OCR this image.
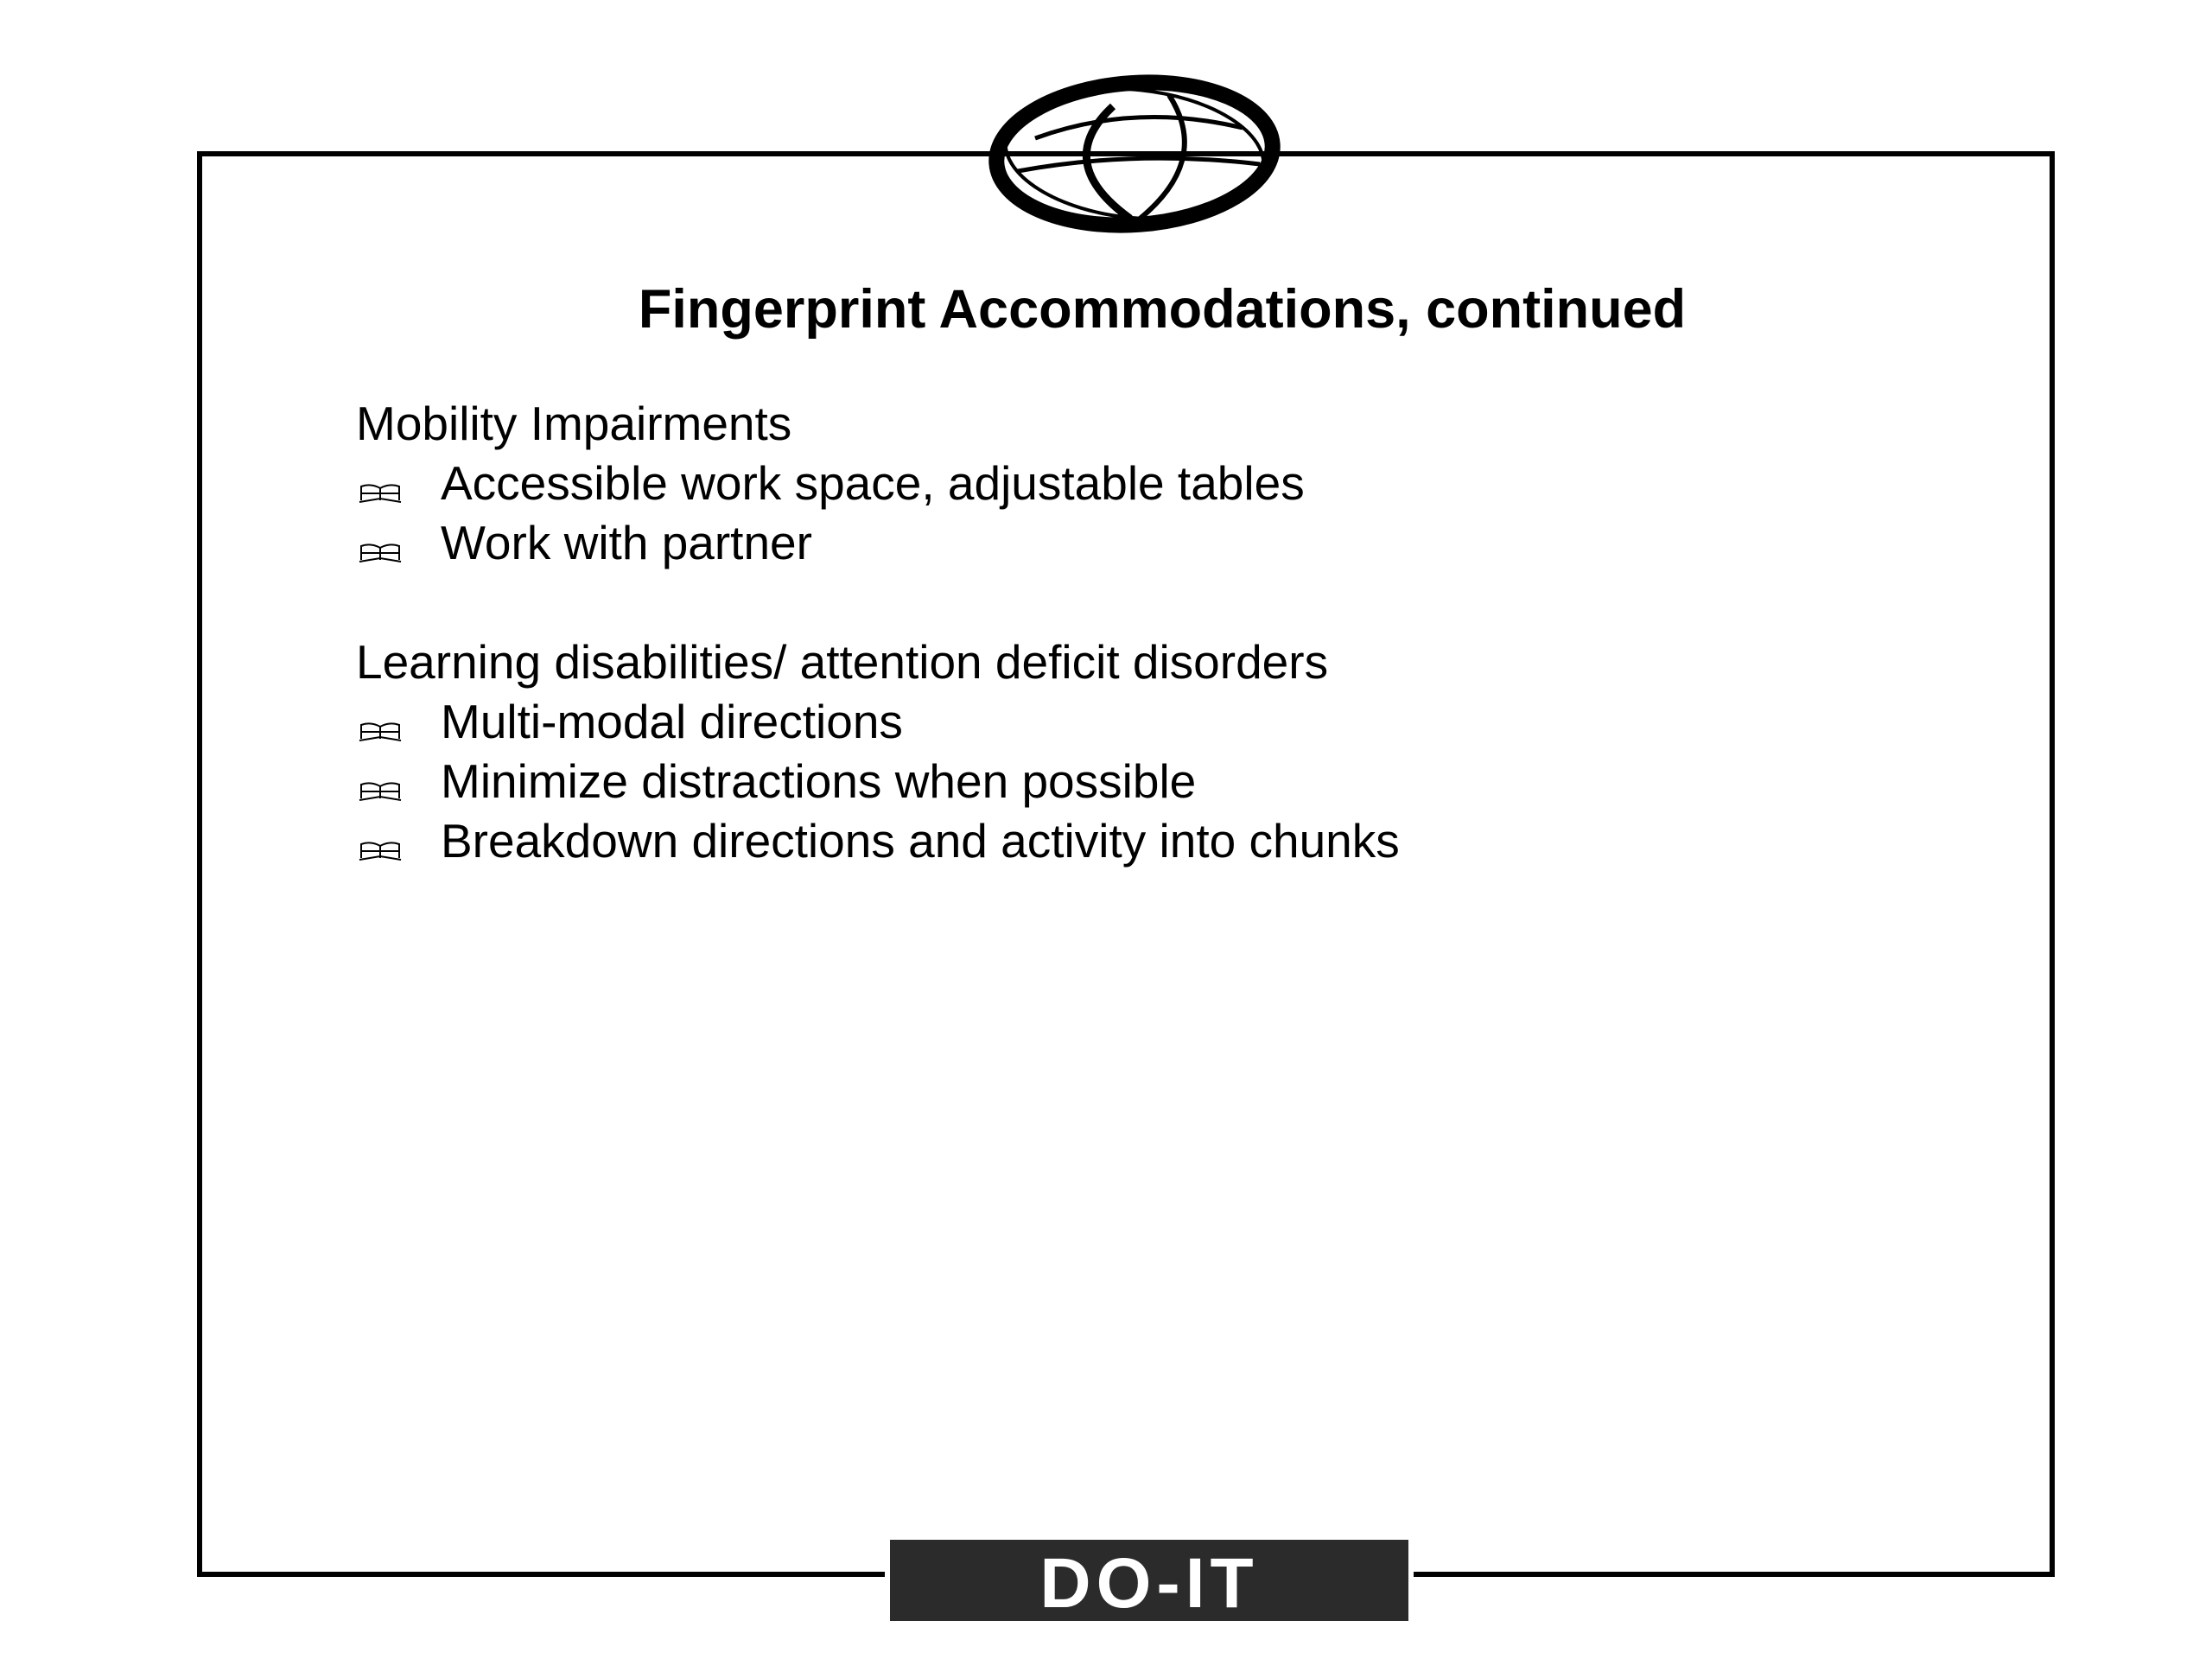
Fingerprint Accommodations, continued
Mobility Impairments
Accessible work space, adjustable tables
Work with partner
Learning disabilities/ attention deficit disorders
Multi-modal directions
Minimize distractions when possible
Breakdown directions and activity into chunks
DO-IT
